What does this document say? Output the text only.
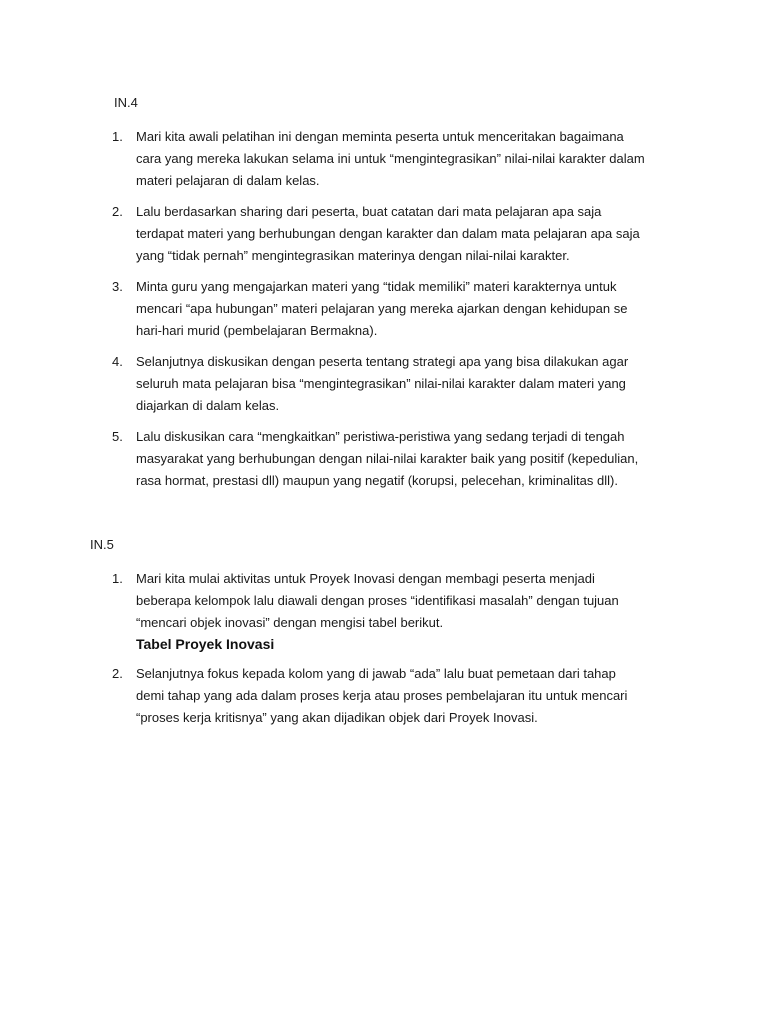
IN.4
1. Mari kita awali pelatihan ini dengan meminta peserta untuk menceritakan bagaimana
cara yang mereka lakukan selama ini untuk “mengintegrasikan” nilai-nilai karakter dalam
materi pelajaran di dalam kelas.
2. Lalu berdasarkan sharing dari peserta, buat catatan dari mata pelajaran apa saja
terdapat materi yang berhubungan dengan karakter dan dalam mata pelajaran apa saja
yang “tidak pernah” mengintegrasikan materinya dengan nilai-nilai karakter.
3. Minta guru yang mengajarkan materi yang “tidak memiliki” materi karakternya untuk
mencari “apa hubungan” materi pelajaran yang mereka ajarkan dengan kehidupan se
hari-hari murid (pembelajaran Bermakna).
4. Selanjutnya diskusikan dengan peserta tentang strategi apa yang bisa dilakukan agar
seluruh mata pelajaran bisa “mengintegrasikan” nilai-nilai karakter dalam materi yang
diajarkan di dalam kelas.
5. Lalu diskusikan cara “mengkaitkan” peristiwa-peristiwa yang sedang terjadi di tengah
masyarakat yang berhubungan dengan nilai-nilai karakter baik yang positif (kepedulian,
rasa hormat, prestasi dll) maupun yang negatif (korupsi, pelecehan, kriminalitas dll).
IN.5
1. Mari kita mulai aktivitas untuk Proyek Inovasi dengan membagi peserta menjadi
beberapa kelompok lalu diawali dengan proses “identifikasi masalah” dengan tujuan
“mencari objek inovasi” dengan mengisi tabel berikut.
Tabel Proyek Inovasi
2. Selanjutnya fokus kepada kolom yang di jawab “ada” lalu buat pemetaan dari tahap
demi tahap yang ada dalam proses kerja atau proses pembelajaran itu untuk mencari
“proses kerja kritisnya” yang akan dijadikan objek dari Proyek Inovasi.
